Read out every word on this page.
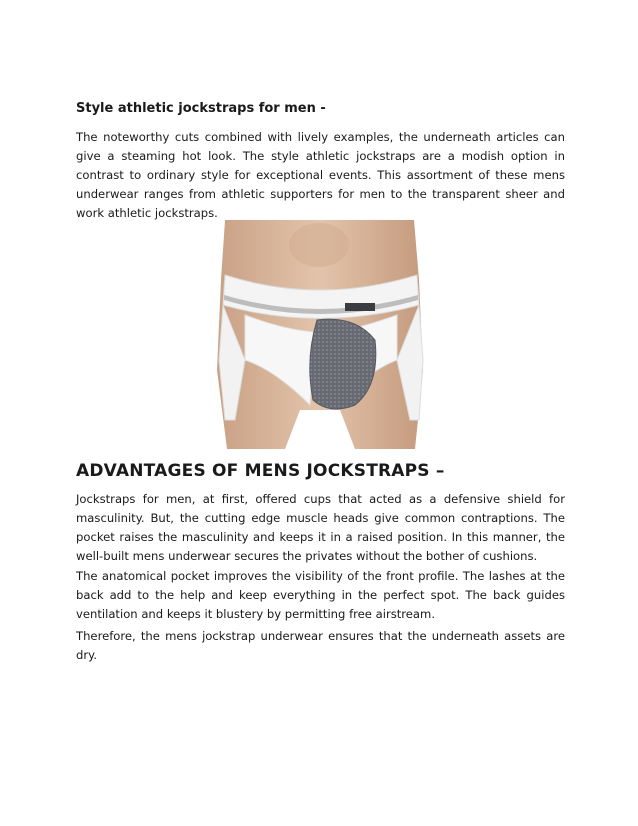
Style athletic jockstraps for men -

The noteworthy cuts combined with lively examples, the underneath articles can give a steaming hot look. The style athletic jockstraps are a modish option in contrast to ordinary style for exceptional events. This assortment of these mens underwear ranges from athletic supporters for men to the transparent sheer and work athletic jockstraps.

ADVANTAGES OF MENS JOCKSTRAPS –

Jockstraps for men, at first, offered cups that acted as a defensive shield for masculinity. But, the cutting edge muscle heads give common contraptions. The pocket raises the masculinity and keeps it in a raised position. In this manner, the well-built mens underwear secures the privates without the bother of cushions.

The anatomical pocket improves the visibility of the front profile. The lashes at the back add to the help and keep everything in the perfect spot. The back guides ventilation and keeps it blustery by permitting free airstream.

Therefore, the mens jockstrap underwear ensures that the underneath assets are dry.
